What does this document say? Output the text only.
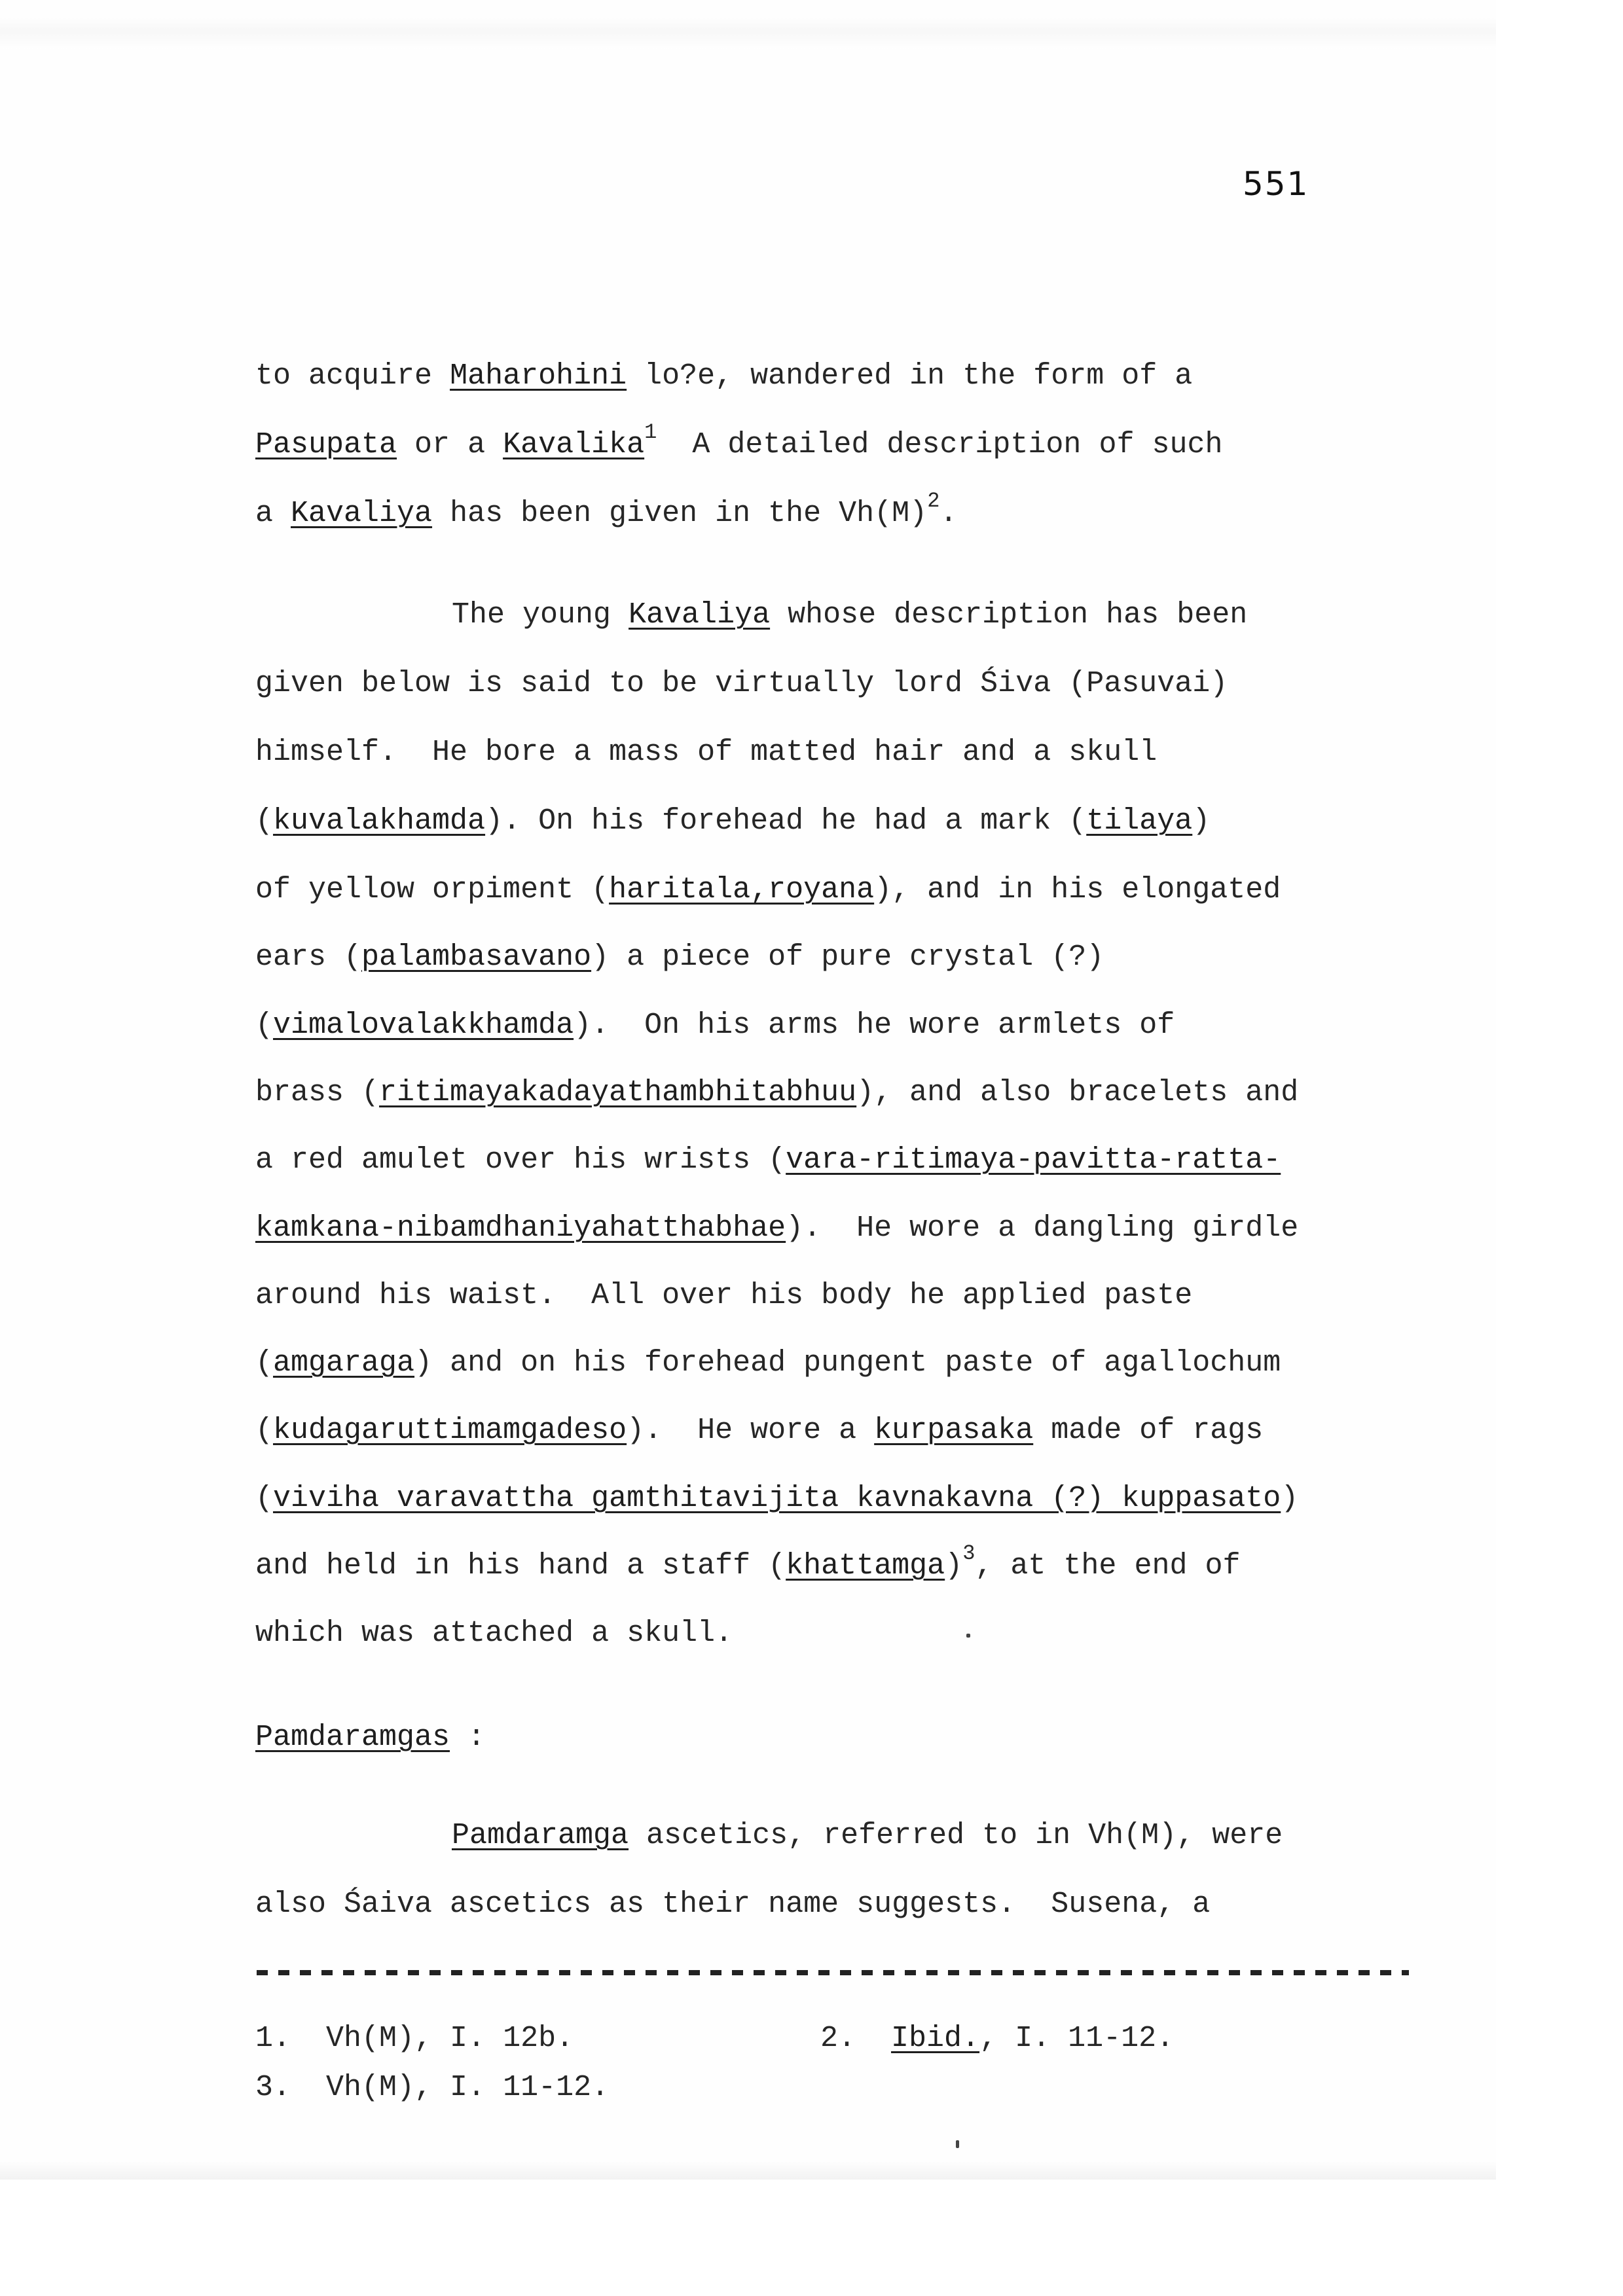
551
to acquire Maharohini lo?e, wandered in the form of a
Pasupata or a Kavalika$^1$  A detailed description of such
a Kavaliya has been given in the Vh(M)$^2$.
The young Kavaliya whose description has been
given below is said to be virtually lord Śiva (Pasuvai)
himself.  He bore a mass of matted hair and a skull
(kuvalakhamda). On his forehead he had a mark (tilaya)
of yellow orpiment (haritala,royana), and in his elongated
ears (palambasavano) a piece of pure crystal (?)
(vimalovalakkhamda).  On his arms he wore armlets of
brass (ritimayakadayathambhitabhuu), and also bracelets and
a red amulet over his wrists (vara-ritimaya-pavitta-ratta-
kamkana-nibamdhaniyahatthabhae).  He wore a dangling girdle
around his waist.  All over his body he applied paste
(amgaraga) and on his forehead pungent paste of agallochum
(kudagaruttimamgadeso).  He wore a kurpasaka made of rags
(viviha varavattha gamthitavijita kavnakavna (?) kuppasato)
and held in his hand a staff (khattamga)$^3$, at the end of
which was attached a skull.
Pamdaramgas :
Pamdaramga ascetics, referred to in Vh(M), were
also Śaiva ascetics as their name suggests.  Susena, a
1. Vh(M), I. 12b.	2. Ibid., I. 11-12.
3. Vh(M), I. 11-12.
